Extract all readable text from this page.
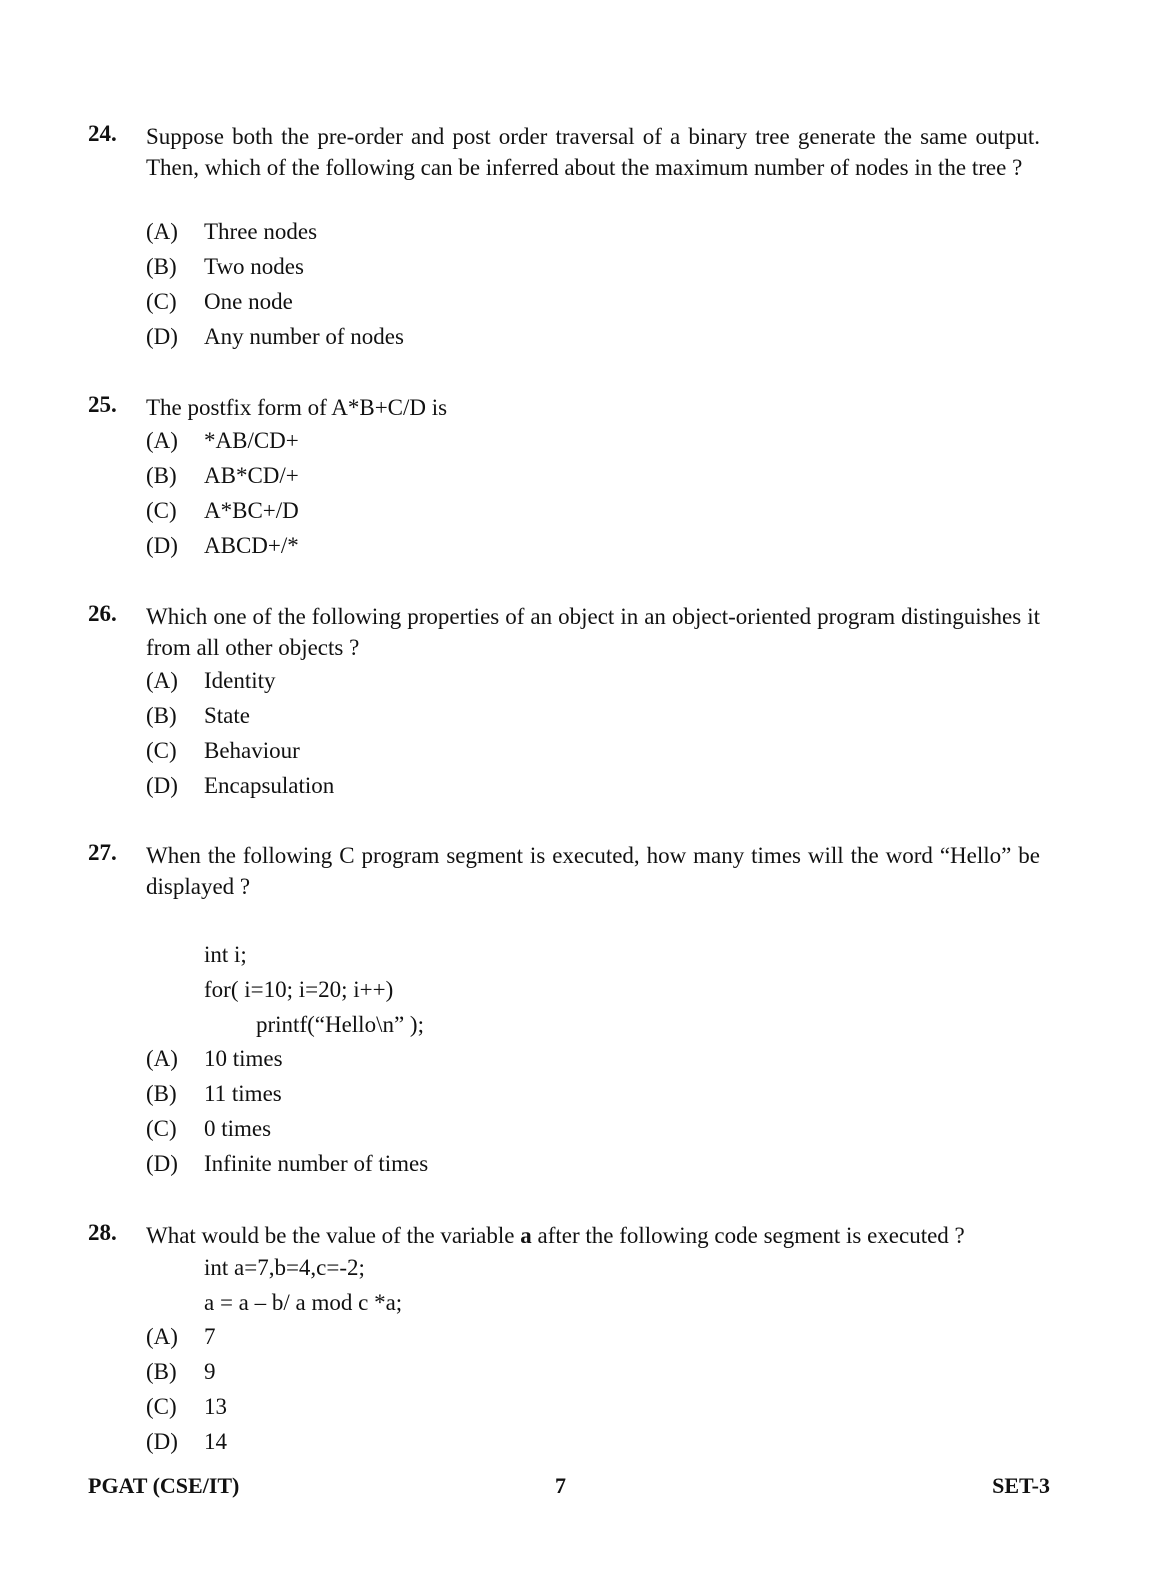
24. Suppose both the pre-order and post order traversal of a binary tree generate the same output. Then, which of the following can be inferred about the maximum number of nodes in the tree ?
(A) Three nodes
(B) Two nodes
(C) One node
(D) Any number of nodes
25. The postfix form of A*B+C/D is
(A) *AB/CD+
(B) AB*CD/+
(C) A*BC+/D
(D) ABCD+/*
26. Which one of the following properties of an object in an object-oriented program distinguishes it from all other objects ?
(A) Identity
(B) State
(C) Behaviour
(D) Encapsulation
27. When the following C program segment is executed, how many times will the word “Hello” be displayed ?
int i;
for( i=10; i=20; i++)
printf(“Hello\n” );
(A) 10 times
(B) 11 times
(C) 0 times
(D) Infinite number of times
28. What would be the value of the variable a after the following code segment is executed ?
int a=7,b=4,c=-2;
a = a – b/ a mod c *a;
(A) 7
(B) 9
(C) 13
(D) 14
PGAT (CSE/IT)	7	SET-3
